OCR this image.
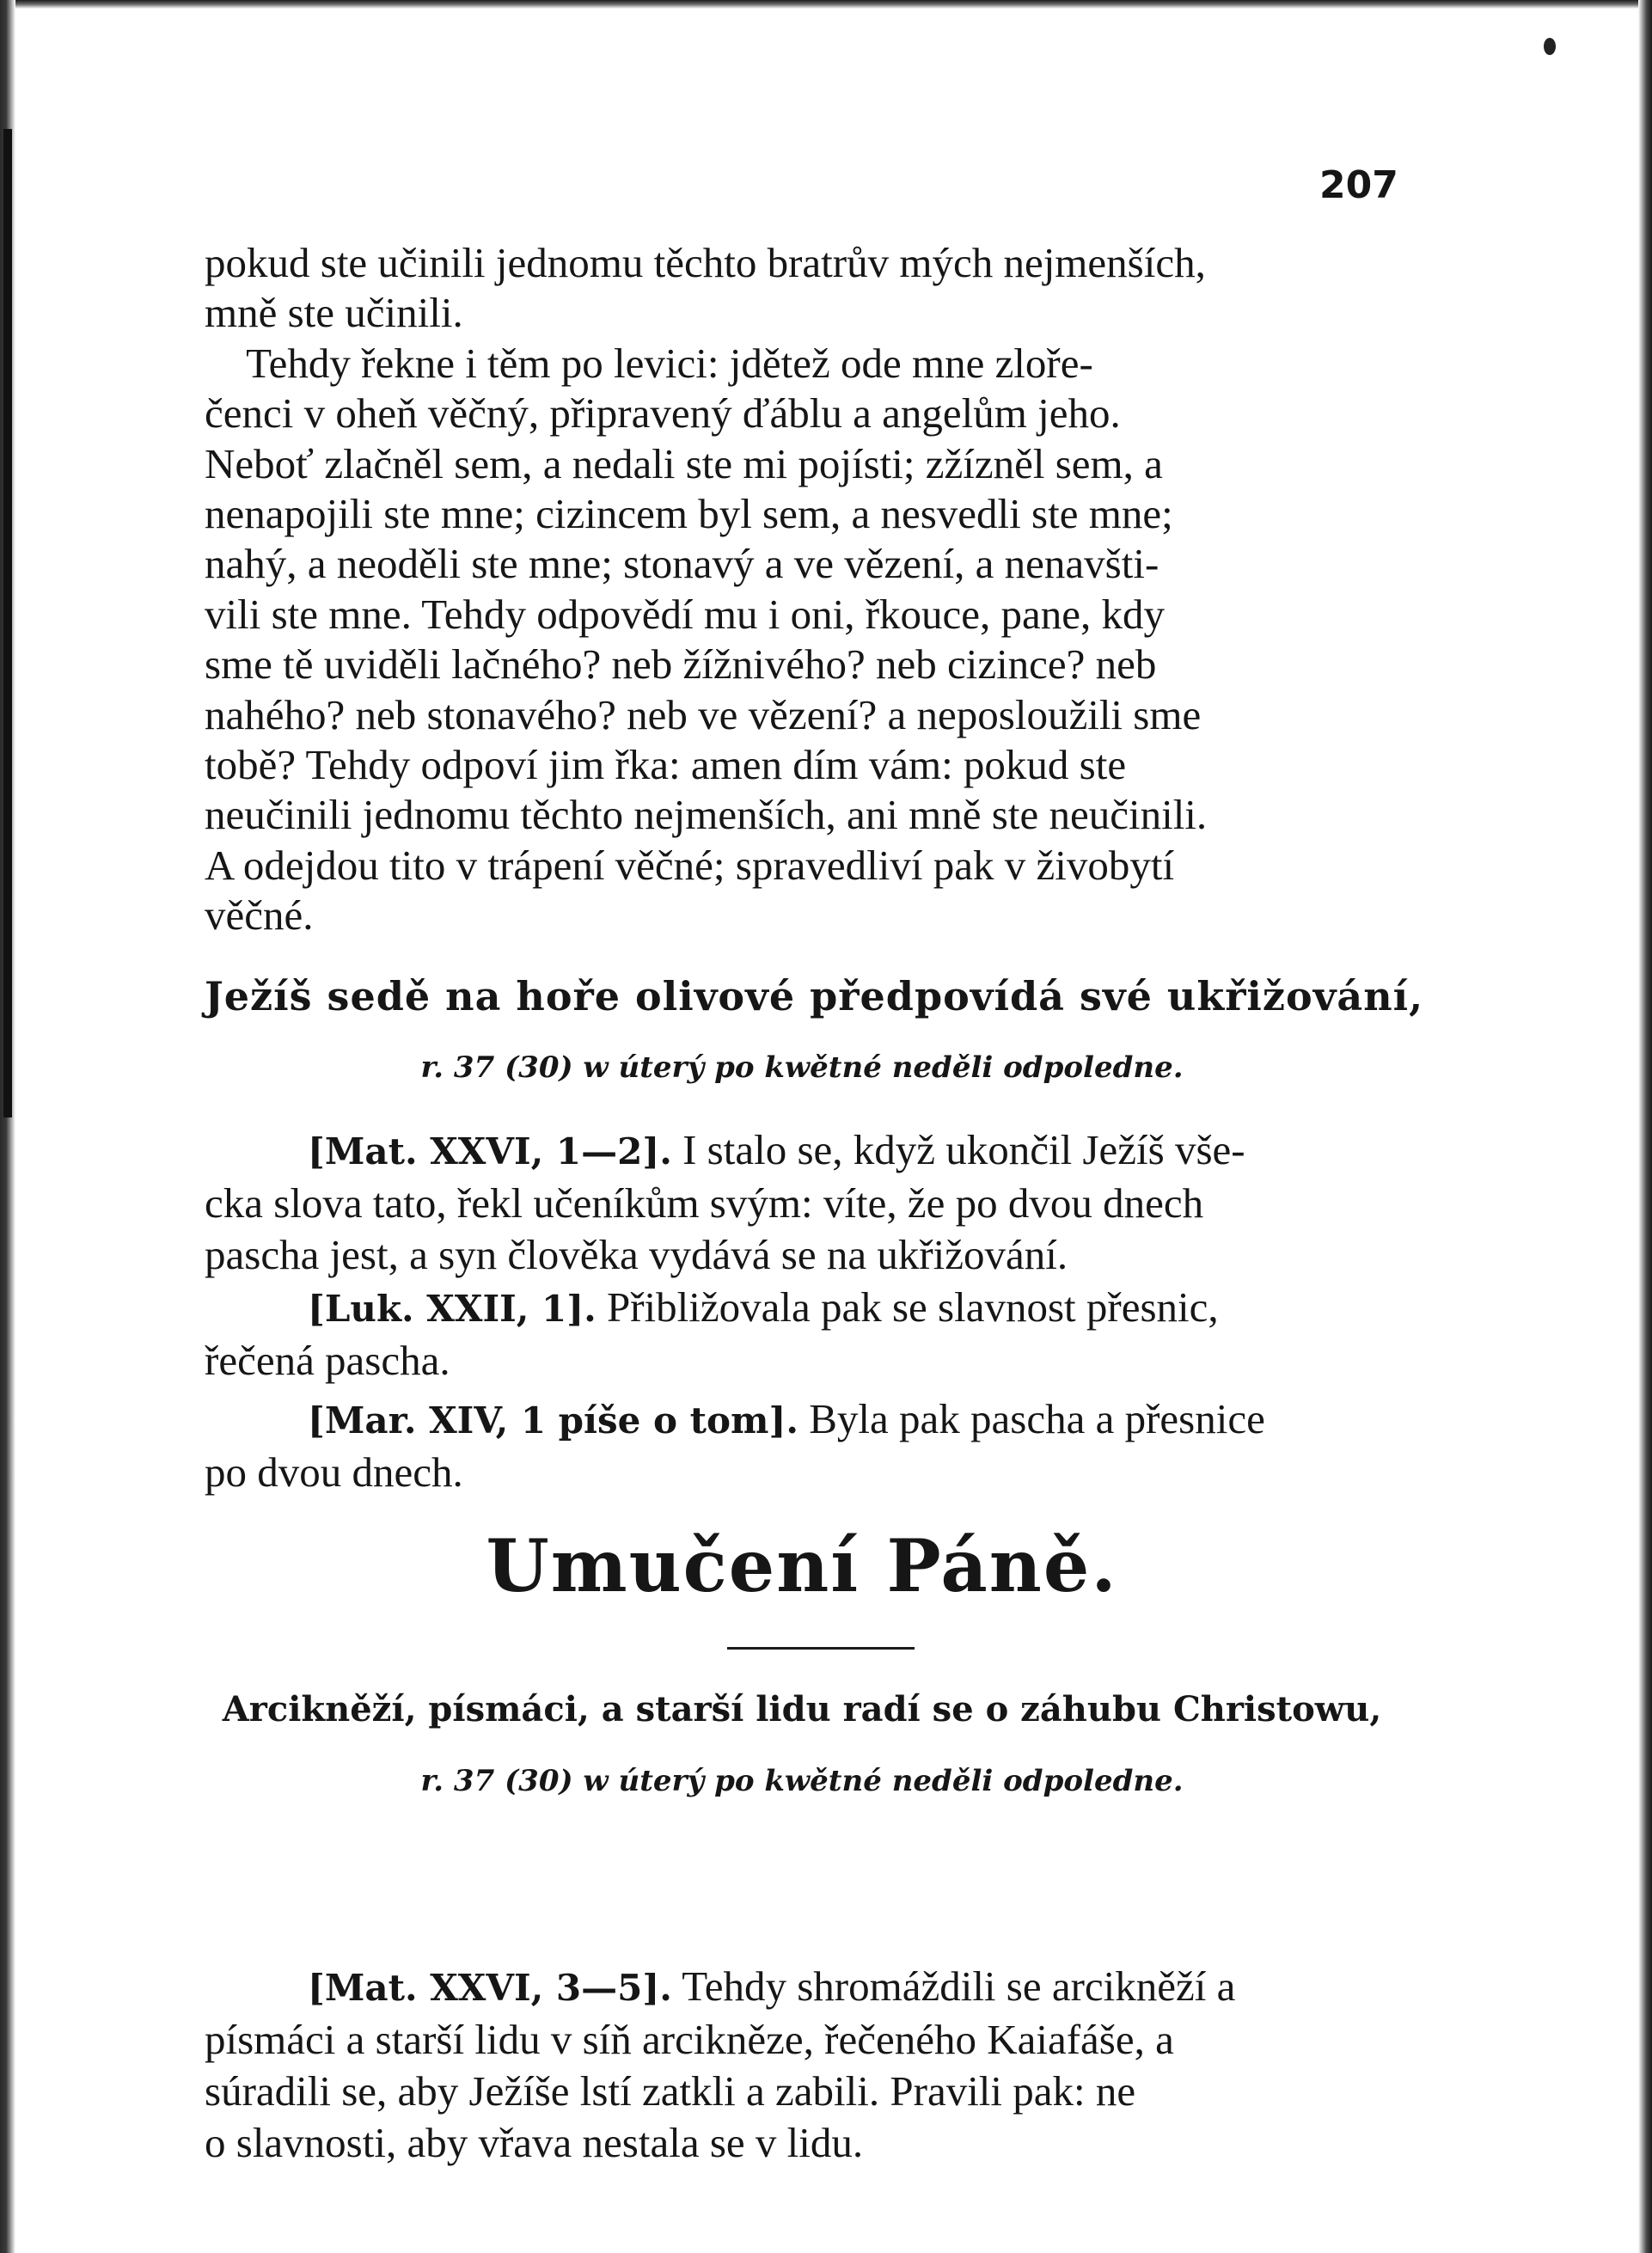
207
pokud ste učinili jednomu těchto bratrův mých nejmenších,
mně ste učinili.
Tehdy řekne i těm po levici: jdětež ode mne zlоře-
čenci v oheň věčný, připravený ďáblu a angelům jeho.
Neboť zlačněl sem, a nedali ste mi pojísti; zžízněl sem, a
nenapojili ste mne; cizincem byl sem, a nesvedli ste mne;
nahý, a neoděli ste mne; stonavý a ve vězení, a nenavšti-
vili ste mne. Tehdy odpovědí mu i oni, řkouce, pane, kdy
sme tě uviděli lačného? neb žížnivého? neb cizince? neb
nahého? neb stonavého? neb ve vězení? a neposloužili sme
tobě? Tehdy odpoví jim řka: amen dím vám: pokud ste
neučinili jednomu těchto nejmenších, ani mně ste neučinili.
A odejdou tito v trápení věčné; spravedliví pak v živobytí
věčné.
Ježíš sedě na hoře olivové předpovídá své ukřižování,
r. 37 (30) w úterý po kwětné neděli odpoledne.
[Mat. XXVI, 1—2]. I stalo se, když ukončil Ježíš vše-
cka slova tato, řekl učeníkům svým: víte, že po dvou dnech
pascha jest, a syn člověka vydává se na ukřižování.
[Luk. XXII, 1]. Přibližovala pak se slavnost přesnic,
řečená pascha.
[Mar. XIV, 1 píše o tom]. Byla pak pascha a přesnice
po dvou dnech.
Umučení Páně.
Arcikněží, písmáci, a starší lidu radí se o záhubu Christowu,
r. 37 (30) w úterý po kwětné neděli odpoledne.
[Mat. XXVI, 3—5]. Tehdy shromáždili se arcikněží a
písmáci a starší lidu v síň arcikněze, řečeného Kaiafáše, a
súradili se, aby Ježíše lstí zatkli a zabili. Pravili pak: ne
o slavnosti, aby vřava nestala se v lidu.
